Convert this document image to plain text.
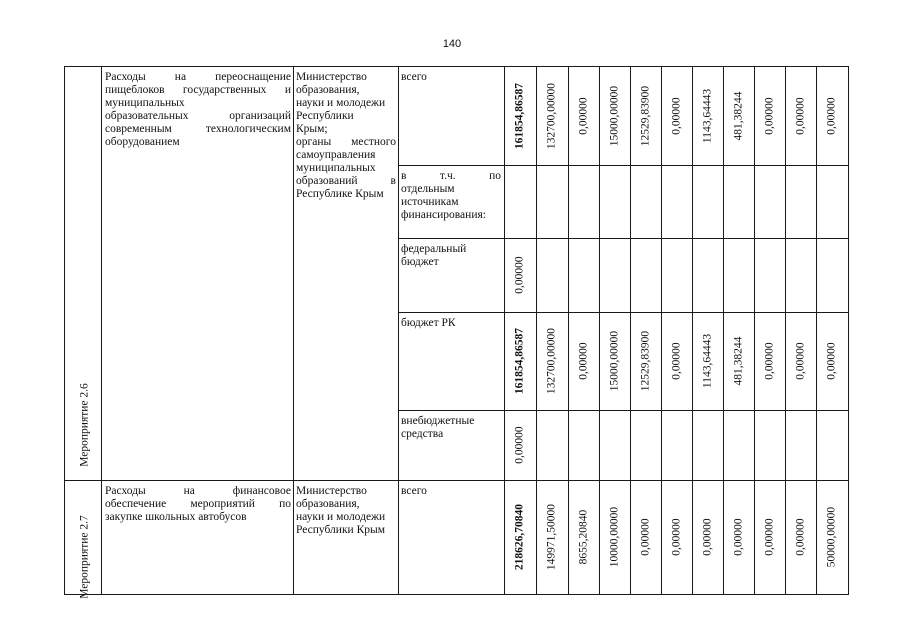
140
Мероприятие 2.6
Расходы на переоснащение
пищеблоков государственных и
муниципальных
образовательных организаций
современным технологическим
оборудованием
Министерство
образования,
науки и молодежи
Республики
Крым;
органы местного
самоуправления
муниципальных
образований в
Республике Крым
всего
161854,86587 132700,00000 0,00000 15000,00000 12529,83900 0,00000 1143,64443 481,38244 0,00000 0,00000 0,00000
в т.ч. по
отдельным
источникам
финансирования:
федеральный
бюджет	0,00000
бюджет РК
161854,86587 132700,00000 0,00000 15000,00000 12529,83900 0,00000 1143,64443 481,38244 0,00000 0,00000 0,00000
внебюджетные
средства	0,00000
Мероприятие 2.7
Расходы на финансовое
обеспечение мероприятий по
закупке школьных автобусов
Министерство
образования,
науки и молодежи
Республики Крым
всего
218626,70840 149971,50000 8655,20840 10000,00000 0,00000 0,00000 0,00000 0,00000 0,00000 0,00000 50000,00000
